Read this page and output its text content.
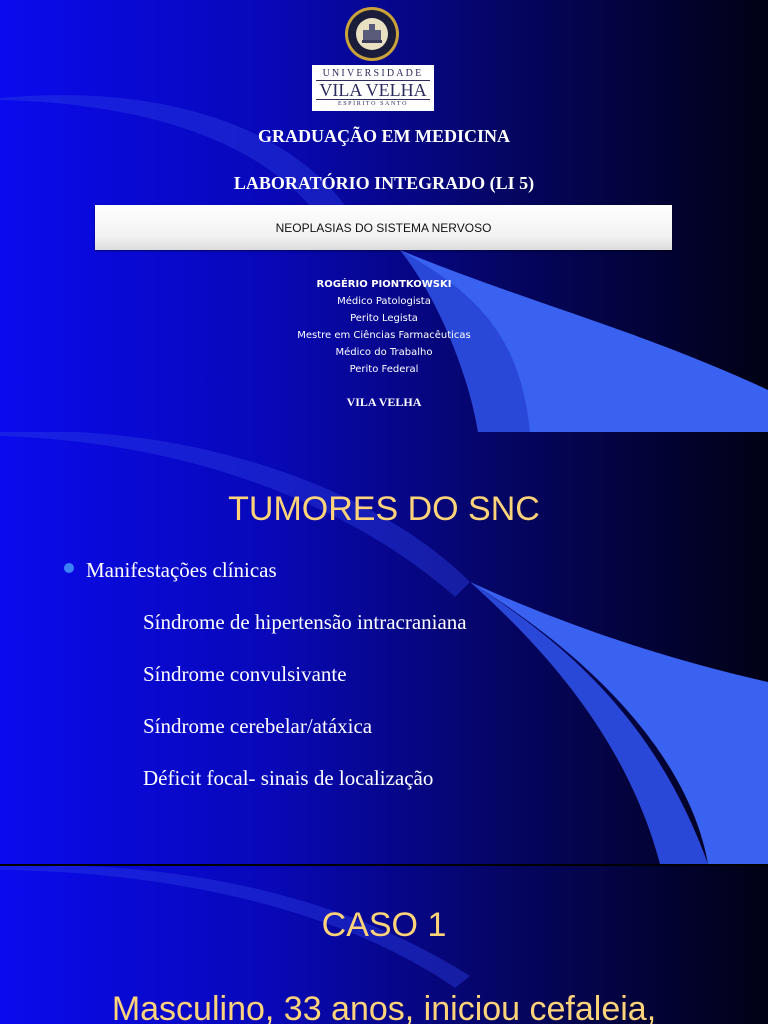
UNIVERSIDADE
VILA VELHA
ESPÍRITO SANTO
GRADUAÇÃO EM MEDICINA
LABORATÓRIO INTEGRADO (LI 5)
NEOPLASIAS DO SISTEMA NERVOSO
ROGÉRIO PIONTKOWSKI
Médico Patologista
Perito Legista
Mestre em Ciências Farmacêuticas
Médico do Trabalho
Perito Federal
VILA VELHA
TUMORES DO SNC
Manifestações clínicas
Síndrome de hipertensão intracraniana
Síndrome convulsivante
Síndrome cerebelar/atáxica
Déficit focal- sinais de localização
CASO 1
Masculino, 33 anos, iniciou cefaleia,
